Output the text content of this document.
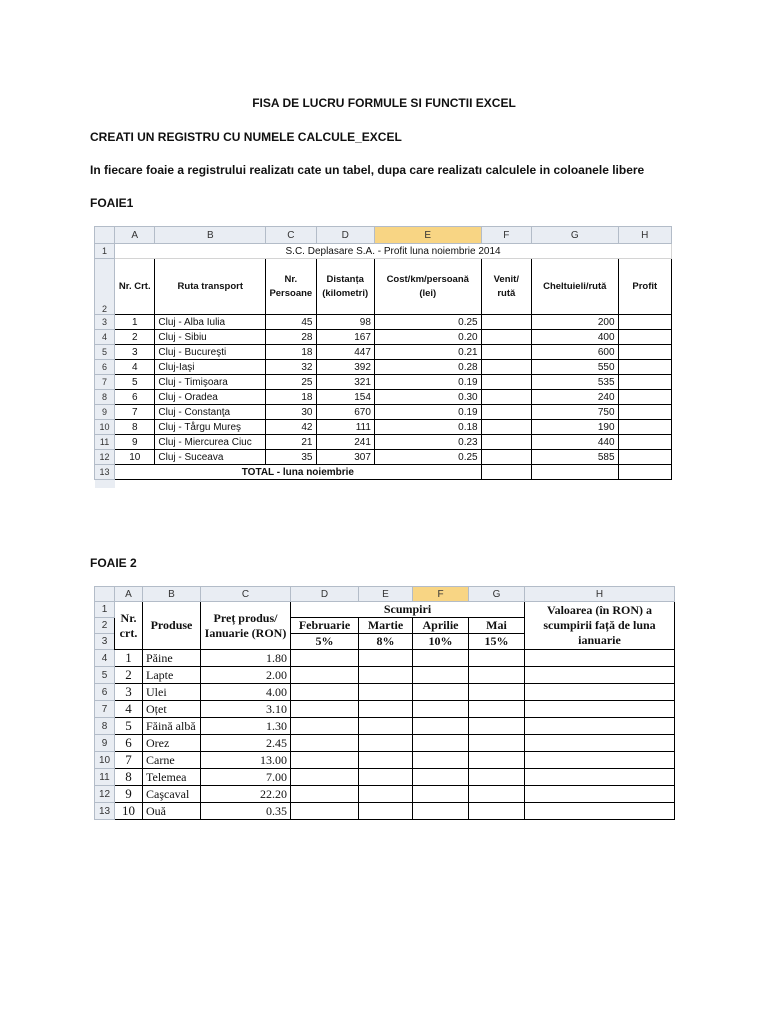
FISA DE LUCRU FORMULE SI FUNCTII EXCEL
CREATI UN REGISTRU CU NUMELE CALCULE_EXCEL
In fiecare foaie a registrului realizatı cate un tabel, dupa care realizatı calculele in coloanele libere
FOAIE1
FOAIE 2
	A	B	C	D	E	F	G	H
1	S.C. Deplasare S.A. - Profit luna noiembrie 2014							
2	Nr. Crt.	Ruta transport	Nr. Persoane	Distanța (kilometri)	Cost/km/persoană (lei)	Venit/ rută	Cheltuieli/rută	Profit
3	1	Cluj - Alba Iulia	45	98	0.25		200	
4	2	Cluj - Sibiu	28	167	0.20		400	
5	3	Cluj - Bucureşti	18	447	0.21		600	
6	4	Cluj-Iaşi	32	392	0.28		550	
7	5	Cluj - Timişoara	25	321	0.19		535	
8	6	Cluj - Oradea	18	154	0.30		240	
9	7	Cluj - Constanţa	30	670	0.19		750	
10	8	Cluj - Tårgu Mureş	42	111	0.18		190	
11	9	Cluj - Miercurea Ciuc	21	241	0.23		440	
12	10	Cluj - Suceava	35	307	0.25		585	
13	TOTAL - luna noiembrie							

	A	B	C	D	E	F	G	H
1	Nr. crt.	Produse	Preț produs/ Ianuarie (RON)	Scumpiri				Valoarea (în RON) a scumpirii față de luna ianuarie
2				Februarie	Martie	Aprilie	Mai	
3				5%	8%	10%	15%	
4	1	Păine	1.80					
5	2	Lapte	2.00					
6	3	Ulei	4.00					
7	4	Oțet	3.10					
8	5	Făină albă	1.30					
9	6	Orez	2.45					
10	7	Carne	13.00					
11	8	Telemea	7.00					
12	9	Caşcaval	22.20					
13	10	Ouă	0.35					
